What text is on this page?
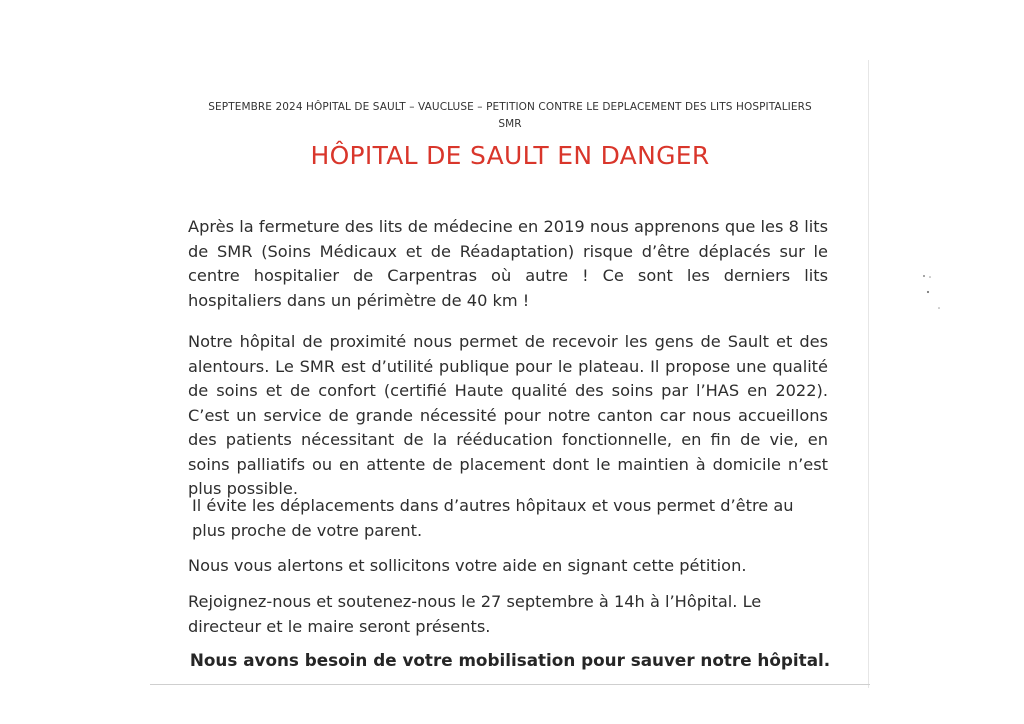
SEPTEMBRE 2024 HÔPITAL DE SAULT – VAUCLUSE – PETITION CONTRE LE DEPLACEMENT DES LITS HOSPITALIERS
SMR
HÔPITAL DE SAULT EN DANGER

Après la fermeture des lits de médecine en 2019 nous apprenons que les 8 lits de SMR (Soins Médicaux et de Réadaptation) risque d’être déplacés sur le centre hospitalier de Carpentras où autre ! Ce sont les derniers lits hospitaliers dans un périmètre de 40 km !

Notre hôpital de proximité nous permet de recevoir les gens de Sault et des alentours. Le SMR est d’utilité publique pour le plateau. Il propose une qualité de soins et de confort (certifié Haute qualité des soins par l’HAS en 2022). C’est un service de grande nécessité pour notre canton car nous accueillons des patients nécessitant de la rééducation fonctionnelle, en fin de vie, en soins palliatifs ou en attente de placement dont le maintien à domicile n’est plus possible.

Il évite les déplacements dans d’autres hôpitaux et vous permet d’être au plus proche de votre parent.

Nous vous alertons et sollicitons votre aide en signant cette pétition.

Rejoignez-nous et soutenez-nous le 27 septembre à 14h à l’Hôpital. Le directeur et le maire seront présents.

Nous avons besoin de votre mobilisation pour sauver notre hôpital.
